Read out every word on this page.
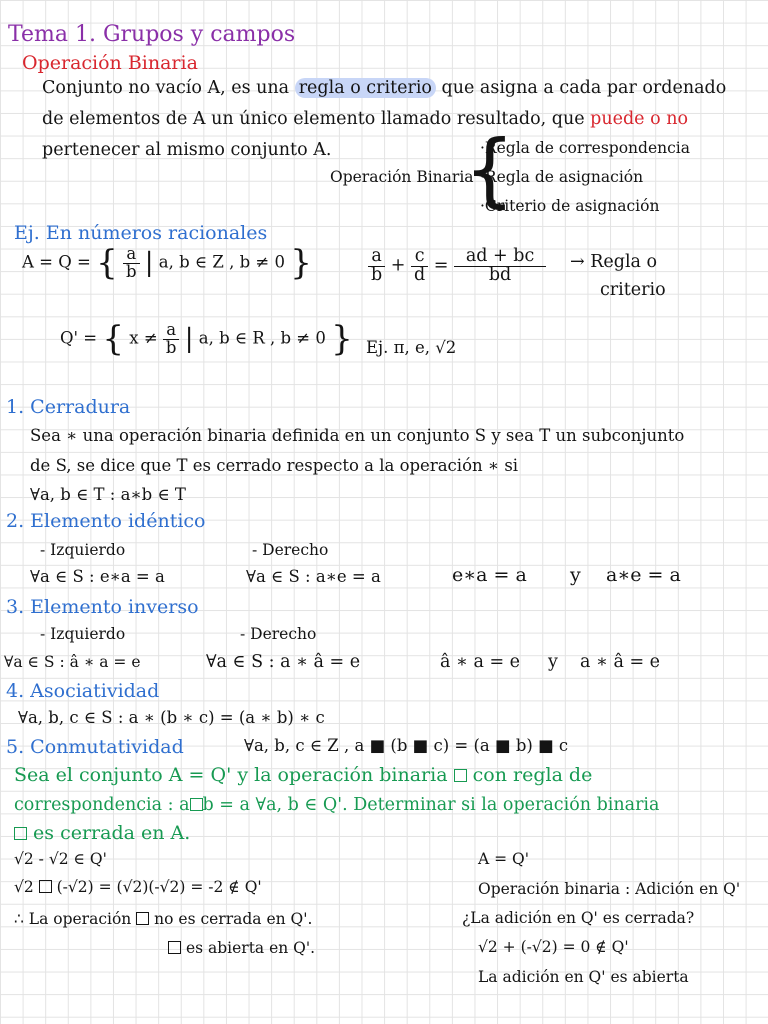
Tema 1. Grupos y campos
Operación Binaria
Conjunto no vacío A, es una regla o criterio que asigna a cada par ordenado
de elementos de A un único elemento llamado resultado, que puede o no
pertenecer al mismo conjunto A.
Operación Binaria
{
·Regla de correspondencia
·Regla de asignación
·Criterio de asignación
Ej. En números racionales
A = Q = { $\frac{a}{b}$ | a, b ∈ Z , b ≠ 0 }	$\frac{a}{b} + \frac{c}{d} = \frac{ad + bc}{bd}$ → Regla o
criterio
Q' = { $x \ne \frac{a}{b}$ | a, b ∈ R , b ≠ 0 } Ej. π, e, √2
1. Cerradura
Sea ∗ una operación binaria definida en un conjunto S y sea T un subconjunto
de S, se dice que T es cerrado respecto a la operación ∗ si
∀a, b ∈ T : a∗b ∈ T
2. Elemento idéntico
- Izquierdo	- Derecho
∀a ∈ S : e∗a = a	∀a ∈ S : a∗e = a	e∗a = a y a∗e = a
3. Elemento inverso
- Izquierdo	- Derecho
∀a ∈ S : â ∗ a = e	∀a ∈ S : a ∗ â = e	â ∗ a = e y a ∗ â = e
4. Asociatividad
∀a, b, c ∈ S : a ∗ (b ∗ c) = (a ∗ b) ∗ c
5. Conmutatividad	∀a, b, c ∈ Z , a ■ (b ■ c) = (a ■ b) ■ c
Sea el conjunto A = Q' y la operación binaria con regla de
correspondencia : a b = a ∀a, b ∈ Q'. Determinar si la operación binaria
es cerrada en A.
√2 - √2 ∈ Q'
√2 (-√2) = (√2)(-√2) = -2 ∉ Q'
∴ La operación no es cerrada en Q'.
es abierta en Q'.
A = Q'
Operación binaria : Adición en Q'
¿La adición en Q' es cerrada?
√2 + (-√2) = 0 ∉ Q'
La adición en Q' es abierta
